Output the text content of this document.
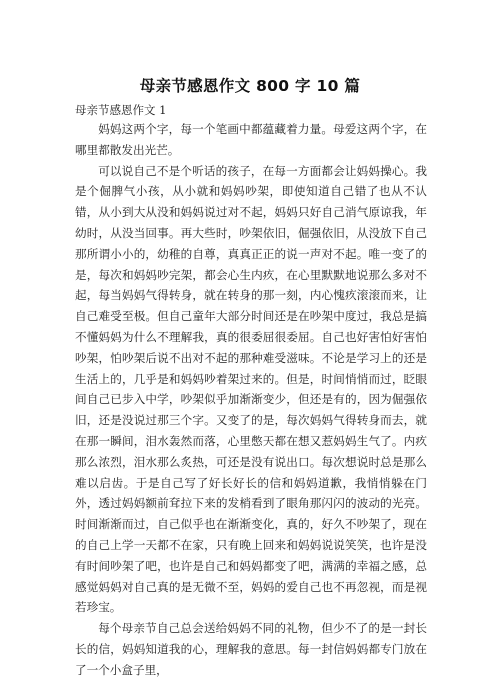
母亲节感恩作文 800 字 10 篇
母亲节感恩作文 1

妈妈这两个字，每一个笔画中都蕴藏着力量。母爱这两个字，在哪里都散发出光芒。

可以说自己不是个听话的孩子，在每一方面都会让妈妈操心。我是个倔脾气小孩，从小就和妈妈吵架，即使知道自己错了也从不认错，从小到大从没和妈妈说过对不起，妈妈只好自己消气原谅我，年幼时，从没当回事。再大些时，吵架依旧，倔强依旧，从没放下自己那所谓小小的，幼稚的自尊，真真正正的说一声对不起。唯一变了的是，每次和妈妈吵完架，都会心生内疚，在心里默默地说那么多对不起，每当妈妈气得转身，就在转身的那一刻，内心愧疚滚滚而来，让自己难受至极。但自己童年大部分时间还是在吵架中度过，我总是搞不懂妈妈为什么不理解我，真的很委屈很委屈。自己也好害怕好害怕吵架，怕吵架后说不出对不起的那种难受滋味。不论是学习上的还是生活上的，几乎是和妈妈吵着架过来的。但是，时间悄悄而过，眨眼间自己已步入中学，吵架似乎加渐渐变少，但还是有的，因为倔强依旧，还是没说过那三个字。又变了的是，每次妈妈气得转身而去，就在那一瞬间，泪水轰然而落，心里憋天都在想又惹妈妈生气了。内疚那么浓烈，泪水那么炙热，可还是没有说出口。每次想说时总是那么难以启齿。于是自己写了好长好长的信和妈妈道歉，我悄悄躲在门外，透过妈妈额前耷拉下来的发梢看到了眼角那闪闪的波动的光亮。时间渐渐而过，自己似乎也在渐渐变化，真的，好久不吵架了，现在的自己上学一天都不在家，只有晚上回来和妈妈说说笑笑，也许是没有时间吵架了吧，也许是自己和妈妈都变了吧，满满的幸福之感，总感觉妈妈对自己真的是无微不至，妈妈的爱自己也不再忽视，而是视若珍宝。

每个母亲节自己总会送给妈妈不同的礼物，但少不了的是一封长长的信，妈妈知道我的心，理解我的意思。每一封信妈妈都专门放在了一个小盒子里，
